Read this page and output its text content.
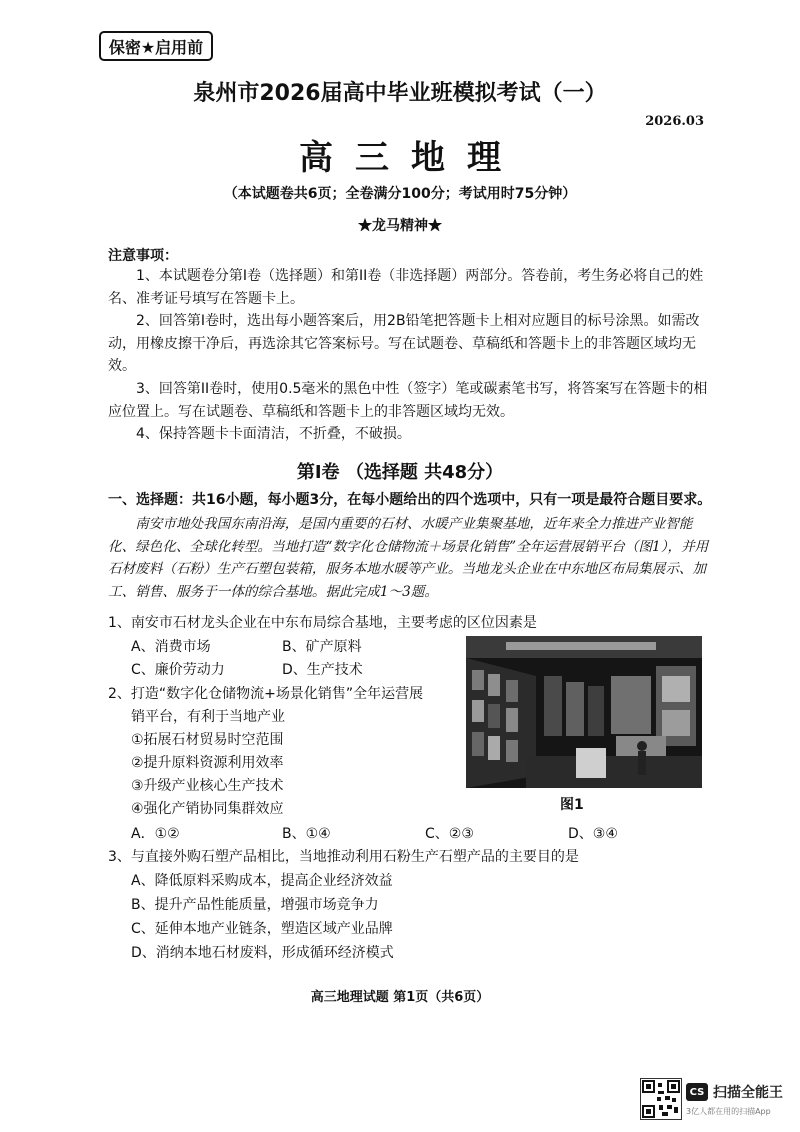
保密★启用前
泉州市2026届高中毕业班模拟考试（一）
2026.03
高三地理
（本试题卷共6页；全卷满分100分；考试用时75分钟）
★龙马精神★
注意事项：

1、本试题卷分第I卷（选择题）和第II卷（非选择题）两部分。答卷前，考生务必将自己的姓名、准考证号填写在答题卡上。

2、回答第I卷时，选出每小题答案后，用2B铅笔把答题卡上相对应题目的标号涂黑。如需改动，用橡皮擦干净后，再选涂其它答案标号。写在试题卷、草稿纸和答题卡上的非答题区域均无效。

3、回答第II卷时，使用0.5毫米的黑色中性（签字）笔或碳素笔书写，将答案写在答题卡的相应位置上。写在试题卷、草稿纸和答题卡上的非答题区域均无效。

4、保持答题卡卡面清洁，不折叠，不破损。

第I卷 （选择题 共48分）
一、选择题：共16小题，每小题3分，在每小题给出的四个选项中，只有一项是最符合题目要求。
南安市地处我国东南沿海，是国内重要的石材、水暖产业集聚基地，近年来全力推进产业智能化、绿色化、全球化转型。当地打造“数字化仓储物流＋场景化销售”全年运营展销平台（图1），并用石材废料（石粉）生产石塑包装箱，服务本地水暖等产业。当地龙头企业在中东地区布局集展示、加工、销售、服务于一体的综合基地。据此完成1～3题。
1、南安市石材龙头企业在中东布局综合基地，主要考虑的区位因素是
A、消费市场	B、矿产原料
C、廉价劳动力	D、生产技术
2、打造“数字化仓储物流+场景化销售”全年运营展
销平台，有利于当地产业
①拓展石材贸易时空范围
②提升原料资源利用效率
③升级产业核心生产技术
④强化产销协同集群效应
A．①②	B、①④	C、②③	D、③④
3、与直接外购石塑产品相比，当地推动利用石粉生产石塑产品的主要目的是
A、降低原料采购成本，提高企业经济效益
B、提升产品性能质量，增强市场竞争力
C、延伸本地产业链条，塑造区域产业品牌
D、消纳本地石材废料，形成循环经济模式
图1
高三地理试题 第1页（共6页）
CS 扫描全能王
3亿人都在用的扫描App
